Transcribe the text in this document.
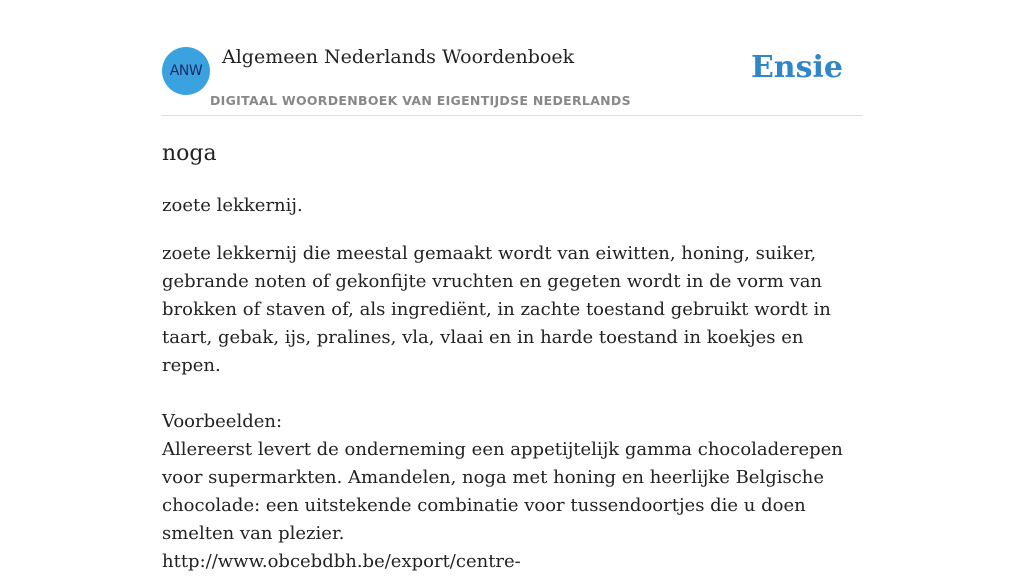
ANW
Algemeen Nederlands Woordenboek
DIGITAAL WOORDENBOEK VAN EIGENTIJDSE NEDERLANDS
Ensie
noga
zoete lekkernij.

zoete lekkernij die meestal gemaakt wordt van eiwitten, honing, suiker, gebrande noten of gekonfijte vruchten en gegeten wordt in de vorm van brokken of staven of, als ingrediënt, in zachte toestand gebruikt wordt in taart, gebak, ijs, pralines, vla, vlaai en in harde toestand in koekjes en repen.

Voorbeelden:

Allereerst levert de onderneming een appetijtelijk gamma chocoladerepen voor supermarkten. Amandelen, noga met honing en heerlijke Belgische chocolade: een uitstekende combinatie voor tussendoortjes die u doen smelten van plezier.

http://www.obcebdbh.be/export/centre-
